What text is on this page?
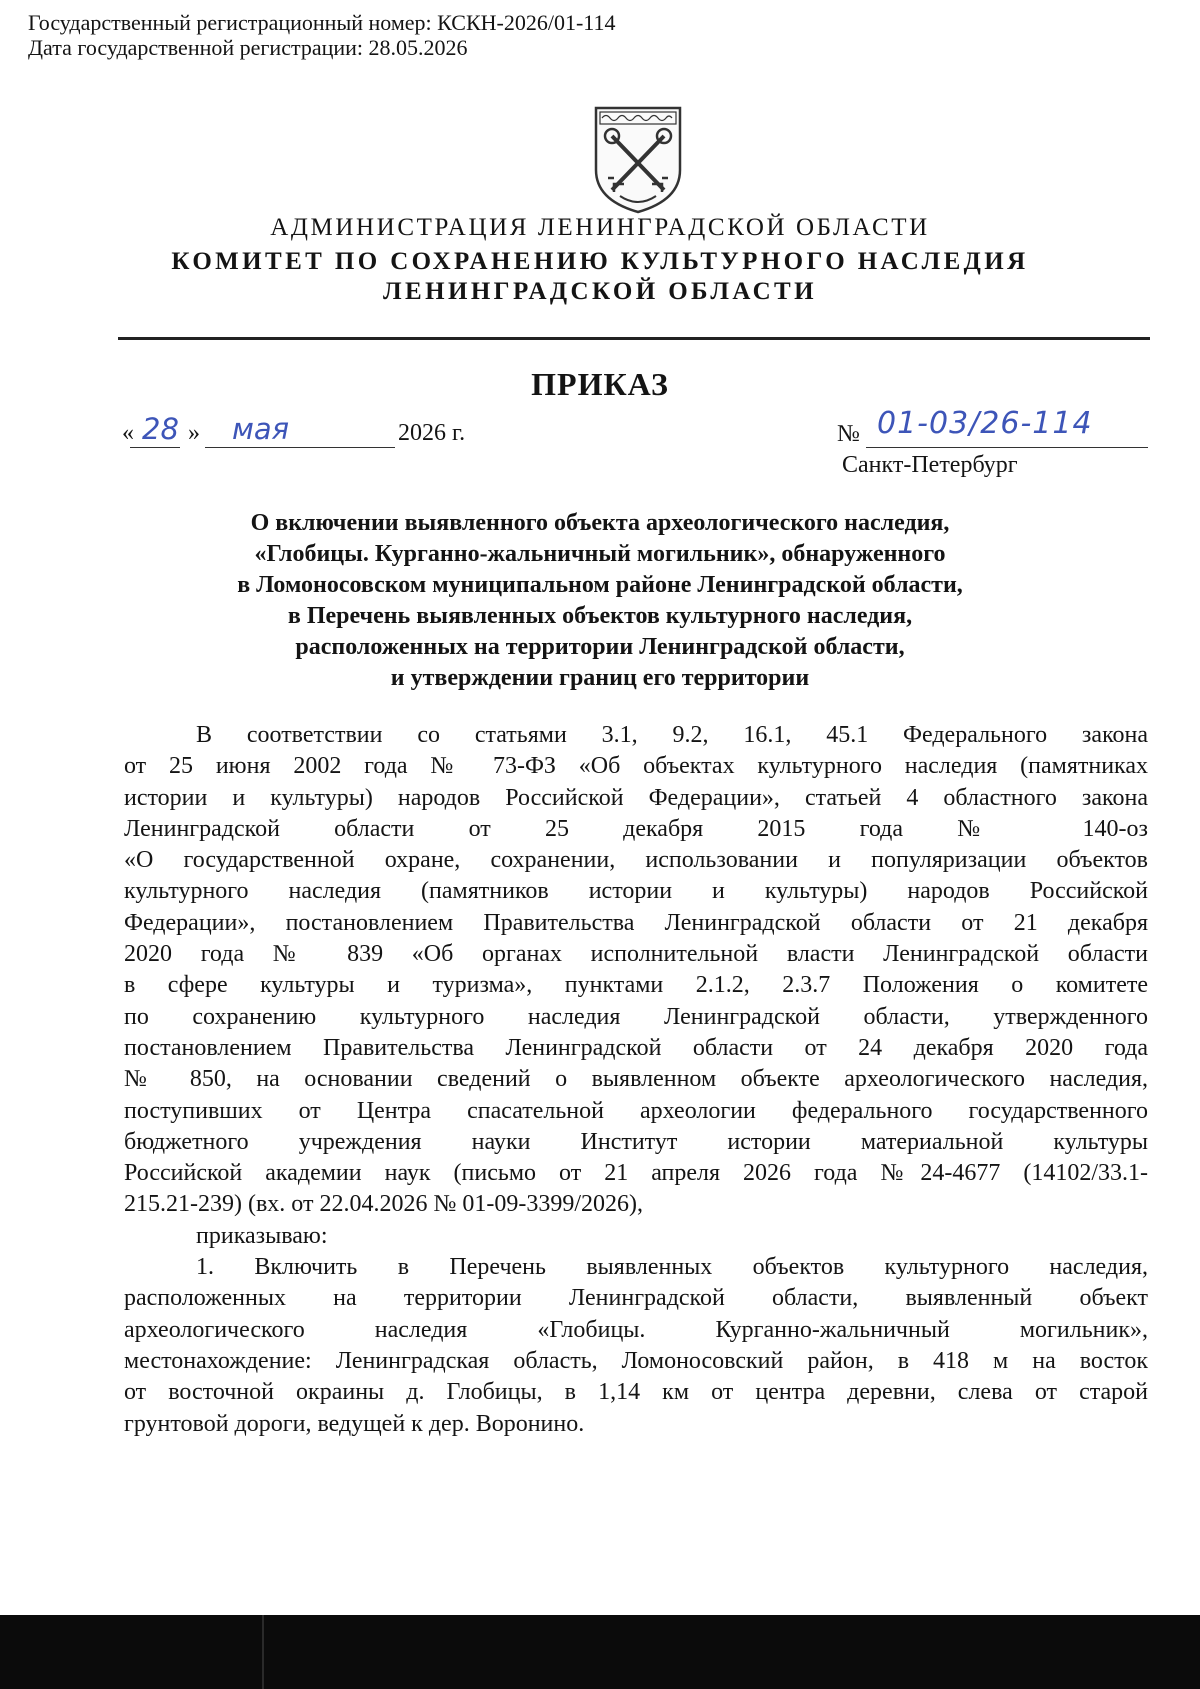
Государственный регистрационный номер: КСКН-2026/01-114
Дата государственной регистрации: 28.05.2026
АДМИНИСТРАЦИЯ ЛЕНИНГРАДСКОЙ ОБЛАСТИ
КОМИТЕТ ПО СОХРАНЕНИЮ КУЛЬТУРНОГО НАСЛЕДИЯ
ЛЕНИНГРАДСКОЙ ОБЛАСТИ
ПРИКАЗ
« »
28 мая	2026 г.	№ 01-03/26-114
Санкт-Петербург
О включении выявленного объекта археологического наследия,
«Глобицы. Курганно-жальничный могильник», обнаруженного
в Ломоносовском муниципальном районе Ленинградской области,
в Перечень выявленных объектов культурного наследия,
расположенных на территории Ленинградской области,
и утверждении границ его территории
В соответствии со статьями 3.1, 9.2, 16.1, 45.1 Федерального закона
от 25 июня 2002 года № 73-ФЗ «Об объектах культурного наследия (памятниках
истории и культуры) народов Российской Федерации», статьей 4 областного закона
Ленинградской области от 25 декабря 2015 года № 140-оз
«О государственной охране, сохранении, использовании и популяризации объектов
культурного наследия (памятников истории и культуры) народов Российской
Федерации», постановлением Правительства Ленинградской области от 21 декабря
2020 года № 839 «Об органах исполнительной власти Ленинградской области
в сфере культуры и туризма», пунктами 2.1.2, 2.3.7 Положения о комитете
по сохранению культурного наследия Ленинградской области, утвержденного
постановлением Правительства Ленинградской области от 24 декабря 2020 года
№ 850, на основании сведений о выявленном объекте археологического наследия,
поступивших от Центра спасательной археологии федерального государственного
бюджетного учреждения науки Институт истории материальной культуры
Российской академии наук (письмо от 21 апреля 2026 года №24-4677 (14102/33.1-
215.21-239) (вх. от 22.04.2026 № 01-09-3399/2026),
приказываю:
1. Включить в Перечень выявленных объектов культурного наследия,
расположенных на территории Ленинградской области, выявленный объект
археологического наследия «Глобицы. Курганно-жальничный могильник»,
местонахождение: Ленинградская область, Ломоносовский район, в 418 м на восток
от восточной окраины д. Глобицы, в 1,14 км от центра деревни, слева от старой
грунтовой дороги, ведущей к дер. Воронино.
